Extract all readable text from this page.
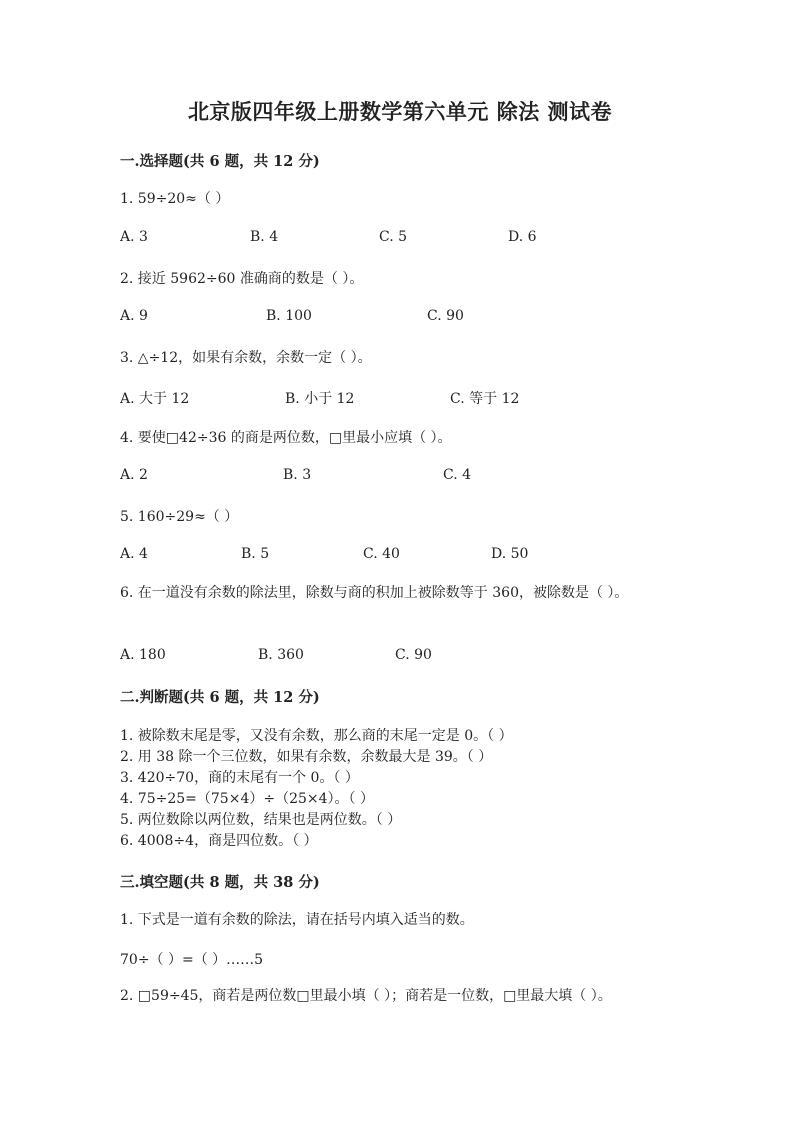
北京版四年级上册数学第六单元 除法 测试卷
一.选择题(共 6 题，共 12 分)
1. 59÷20≈（ ）
A. 3	B. 4	C. 5	D. 6
2. 接近 5962÷60 准确商的数是（ ）。
A. 9	B. 100	C. 90
3. △÷12，如果有余数，余数一定（ ）。
A. 大于 12	B. 小于 12	C. 等于 12
4. 要使□42÷36 的商是两位数，□里最小应填（ ）。
A. 2	B. 3	C. 4
5. 160÷29≈（ ）
A. 4	B. 5	C. 40	D. 50
6. 在一道没有余数的除法里，除数与商的积加上被除数等于 360，被除数是（ ）。
A. 180	B. 360	C. 90
二.判断题(共 6 题，共 12 分)
1. 被除数末尾是零，又没有余数，那么商的末尾一定是 0。（ ）
2. 用 38 除一个三位数，如果有余数，余数最大是 39。（ ）
3. 420÷70，商的末尾有一个 0。（ ）
4. 75÷25=（75×4）÷（25×4）。（ ）
5. 两位数除以两位数，结果也是两位数。（ ）
6. 4008÷4，商是四位数。（ ）
三.填空题(共 8 题，共 38 分)
1. 下式是一道有余数的除法，请在括号内填入适当的数。
70÷（ ）=（ ）……5
2. □59÷45，商若是两位数□里最小填（ ）；商若是一位数，□里最大填（ ）。
